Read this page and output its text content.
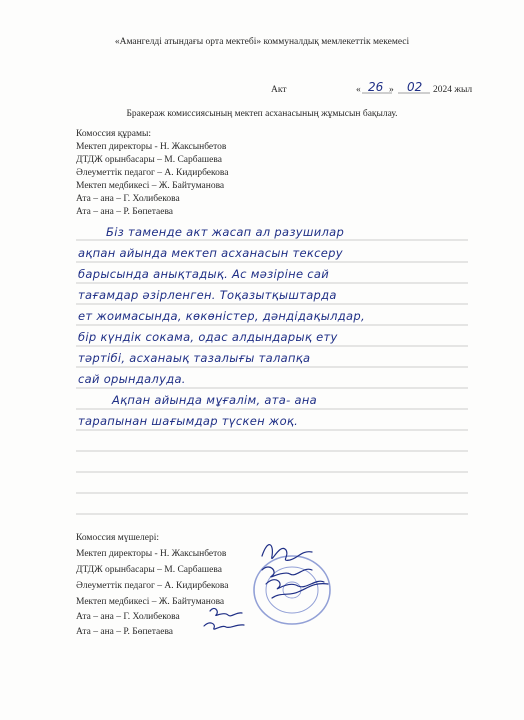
«Амангелді атындағы орта мектебі» коммуналдық мемлекеттік мекемесі
Акт	« 26 » 02 2024 жыл
Бракераж комиссиясының мектеп асханасының жұмысын бақылау.
Комоссия құрамы:
Мектеп директоры - Н. Жаксынбетов
ДТДЖ орынбасары – М. Сарбашева
Әлеуметтік педагог – А. Кидирбекова
Мектеп медбикесі – Ж. Байтуманова
Ата – ана – Г. Холибекова
Ата – ана – Р. Бөпетаева
Біз таменде акт жасап ал разушилар
ақпан айында мектеп асханасын тексеру
барысында анықтадық. Ас мәзіріне сай
тағамдар әзірленген. Тоқазытқыштарда
ет жоимасында, көкөністер, дәндідақылдар,
бір күндік сокама, одас алдындарық ету
тәртібі, асханаық тазалығы талапқа
сай орындалуда.
Ақпан айында мұғалім, ата- ана
тарапынан шағымдар түскен жоқ.
Комоссия мүшелері:
Мектеп директоры - Н. Жаксынбетов
ДТДЖ орынбасары – М. Сарбашева
Әлеуметтік педагог – А. Кидирбекова
Мектеп медбикесі – Ж. Байтуманова
Ата – ана – Г. Холибекова
Ата – ана – Р. Бөпетаева
